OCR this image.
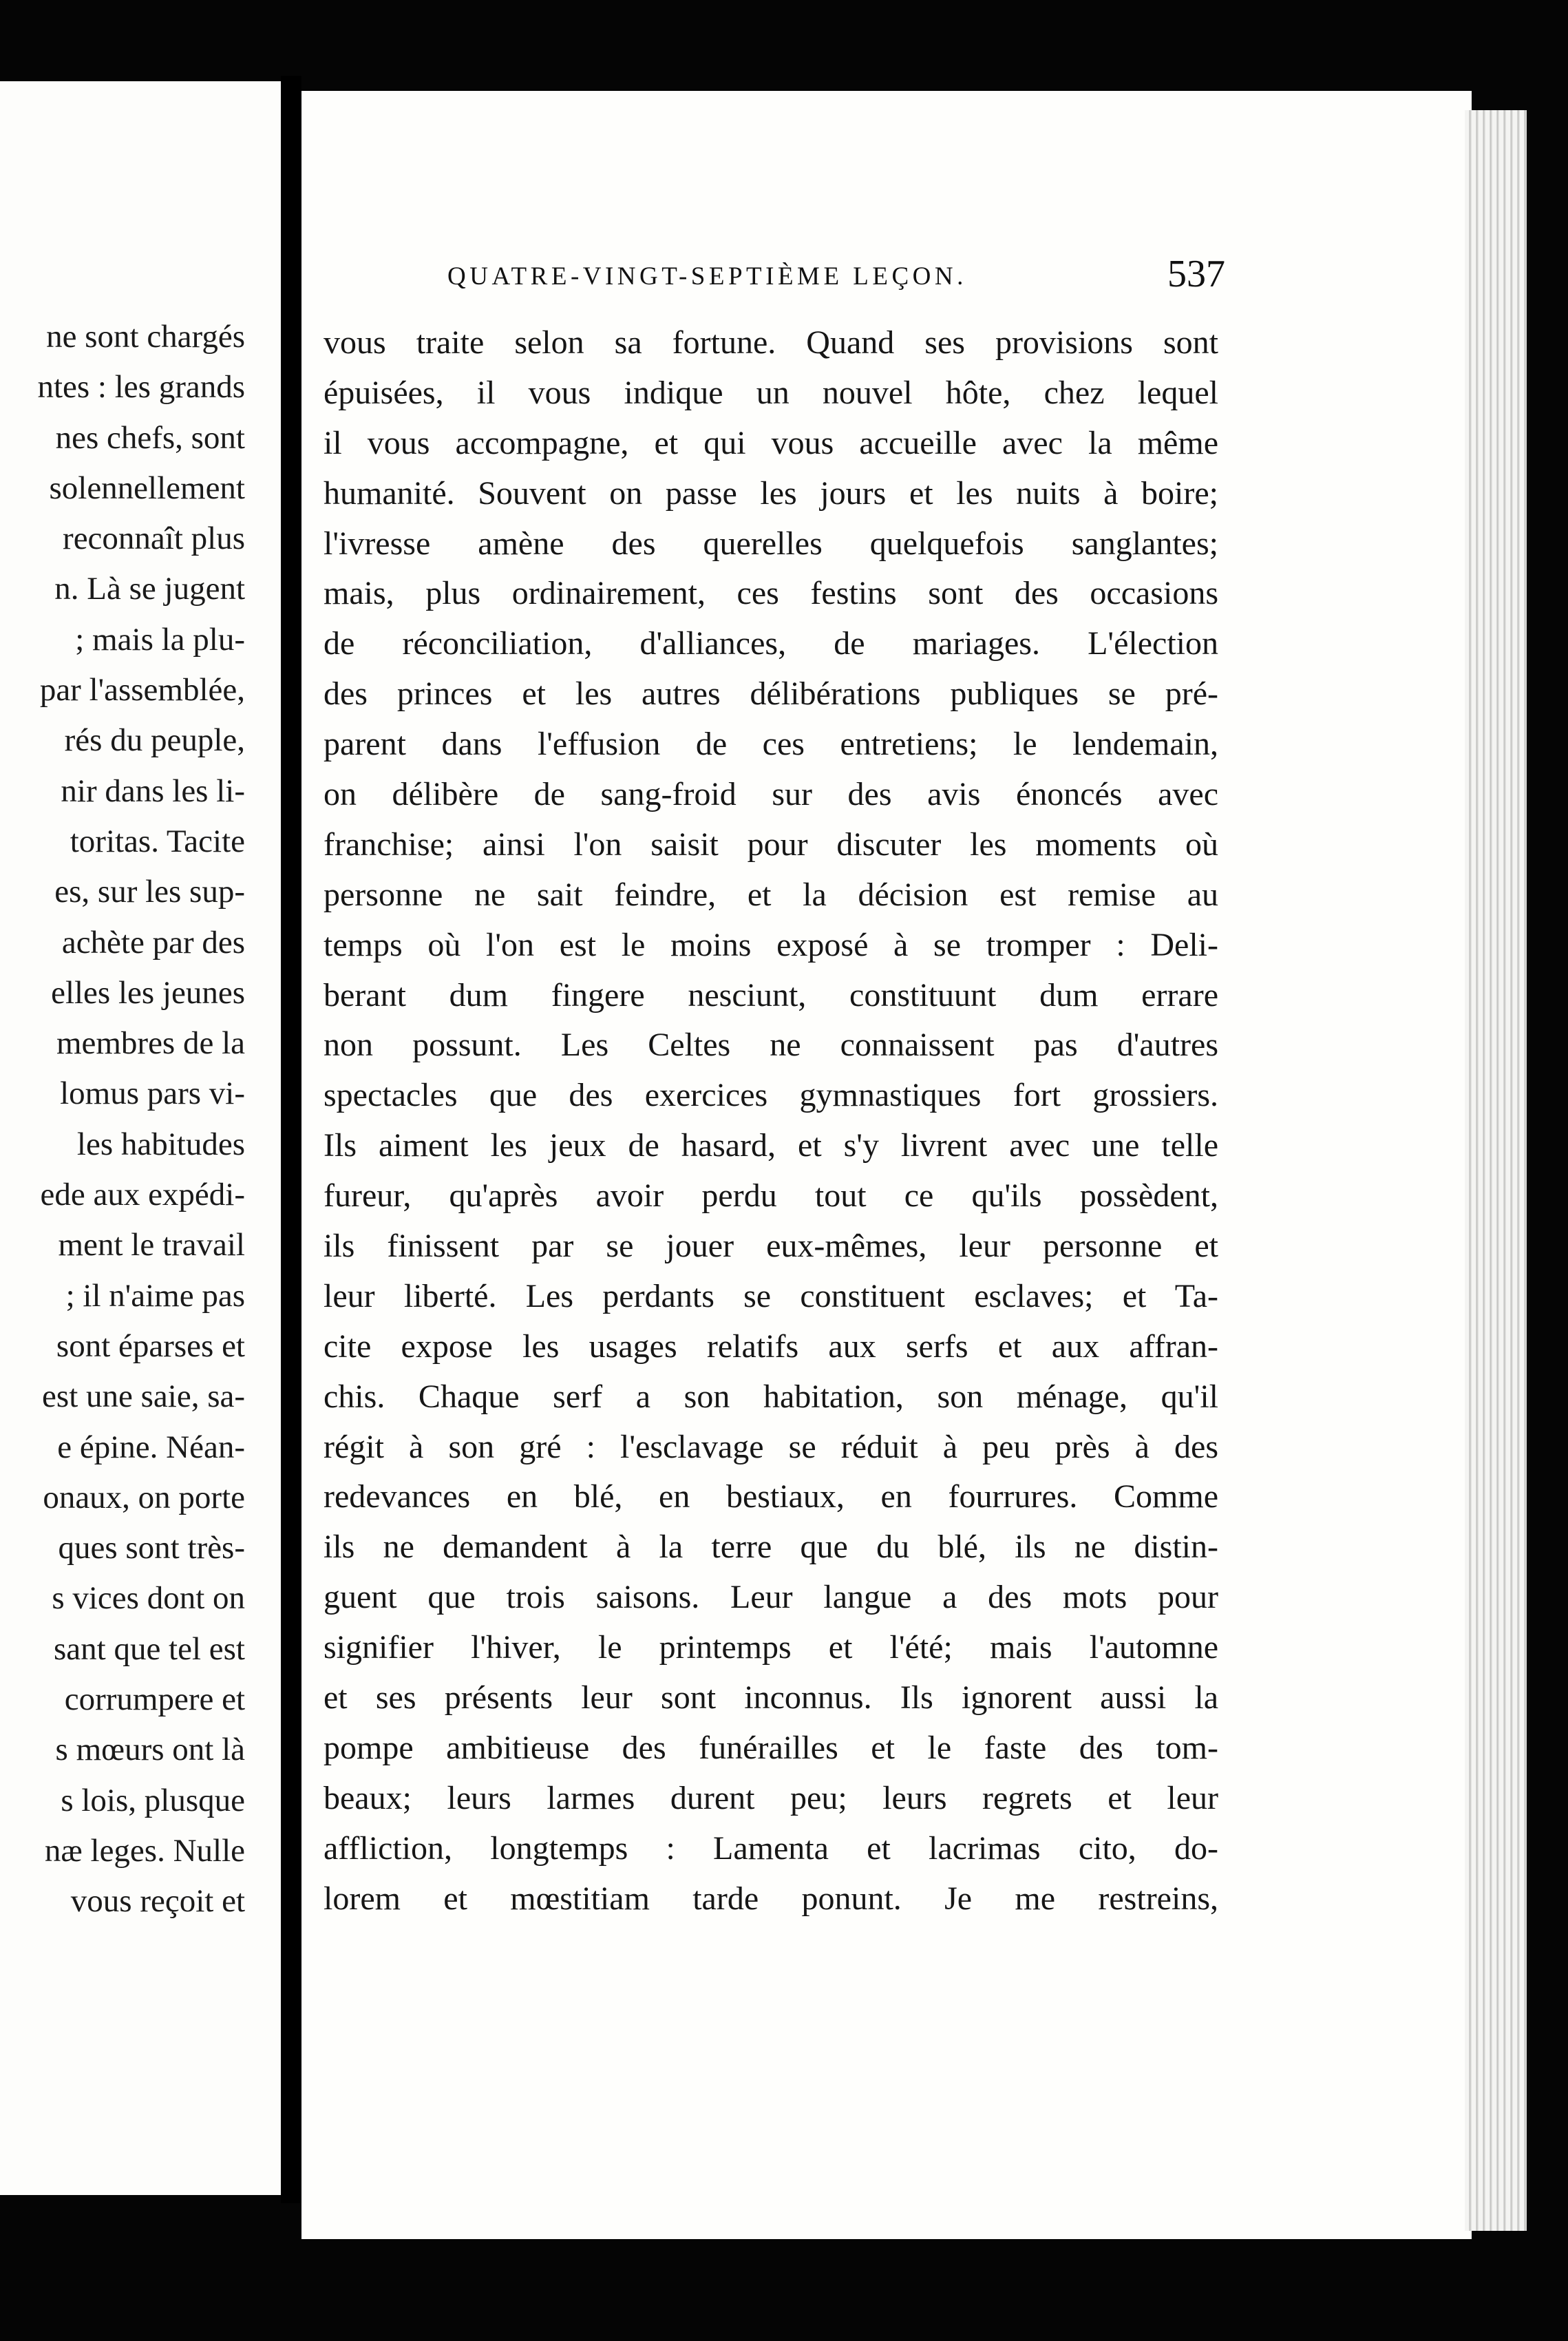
ne sont chargés
ntes : les grands
nes chefs, sont
solennellement
reconnaît plus
n. Là se jugent
; mais la plu-
par l'assemblée,
rés du peuple,
nir dans les li-
toritas. Tacite
es, sur les sup-
achète par des
elles les jeunes
membres de la
lomus pars vi-
les habitudes
ede aux expédi-
ment le travail
; il n'aime pas
sont éparses et
est une saie, sa-
e épine. Néan-
onaux, on porte
ques sont très-
s vices dont on
sant que tel est
corrumpere et
s mœurs ont là
s lois, plusque
næ leges. Nulle
vous reçoit et
QUATRE-VINGT-SEPTIÈME LEÇON.	537
vous traite selon sa fortune. Quand ses provisions sont
épuisées, il vous indique un nouvel hôte, chez lequel
il vous accompagne, et qui vous accueille avec la même
humanité. Souvent on passe les jours et les nuits à boire;
l'ivresse amène des querelles quelquefois sanglantes;
mais, plus ordinairement, ces festins sont des occasions
de réconciliation, d'alliances, de mariages. L'élection
des princes et les autres délibérations publiques se pré-
parent dans l'effusion de ces entretiens; le lendemain,
on délibère de sang-froid sur des avis énoncés avec
franchise; ainsi l'on saisit pour discuter les moments où
personne ne sait feindre, et la décision est remise au
temps où l'on est le moins exposé à se tromper : Deli-
berant dum fingere nesciunt, constituunt dum errare
non possunt. Les Celtes ne connaissent pas d'autres
spectacles que des exercices gymnastiques fort grossiers.
Ils aiment les jeux de hasard, et s'y livrent avec une telle
fureur, qu'après avoir perdu tout ce qu'ils possèdent,
ils finissent par se jouer eux-mêmes, leur personne et
leur liberté. Les perdants se constituent esclaves; et Ta-
cite expose les usages relatifs aux serfs et aux affran-
chis. Chaque serf a son habitation, son ménage, qu'il
régit à son gré : l'esclavage se réduit à peu près à des
redevances en blé, en bestiaux, en fourrures. Comme
ils ne demandent à la terre que du blé, ils ne distin-
guent que trois saisons. Leur langue a des mots pour
signifier l'hiver, le printemps et l'été; mais l'automne
et ses présents leur sont inconnus. Ils ignorent aussi la
pompe ambitieuse des funérailles et le faste des tom-
beaux; leurs larmes durent peu; leurs regrets et leur
affliction, longtemps : Lamenta et lacrimas cito, do-
lorem et mœstitiam tarde ponunt. Je me restreins,
